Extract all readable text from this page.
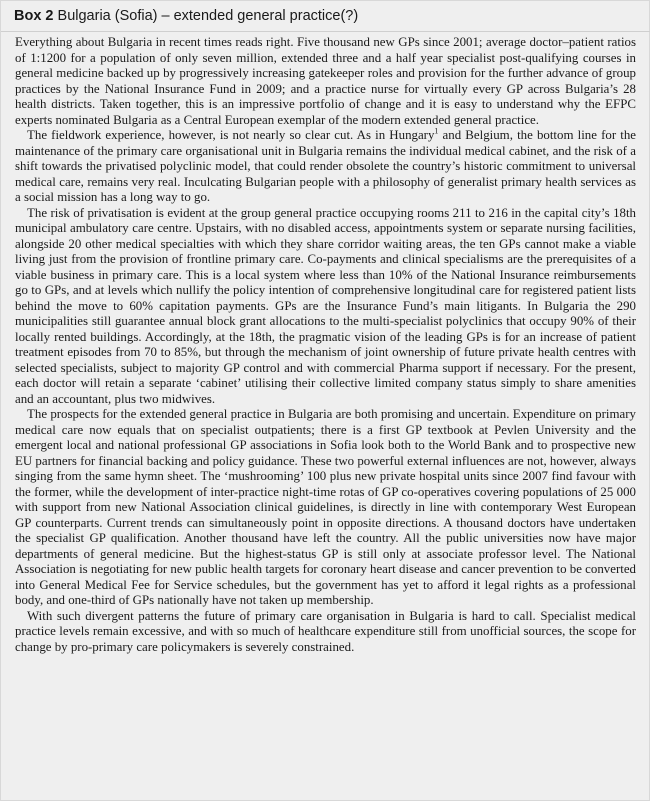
Box 2 Bulgaria (Sofia) – extended general practice(?)

Everything about Bulgaria in recent times reads right. Five thousand new GPs since 2001; average doctor–patient ratios of 1:1200 for a population of only seven million, extended three and a half year specialist post-qualifying courses in general medicine backed up by progressively increasing gatekeeper roles and provision for the further advance of group practices by the National Insurance Fund in 2009; and a practice nurse for virtually every GP across Bulgaria’s 28 health districts. Taken together, this is an impressive portfolio of change and it is easy to understand why the EFPC experts nominated Bulgaria as a Central European exemplar of the modern extended general practice.

The fieldwork experience, however, is not nearly so clear cut. As in Hungary$^1$ and Belgium, the bottom line for the maintenance of the primary care organisational unit in Bulgaria remains the individual medical cabinet, and the risk of a shift towards the privatised polyclinic model, that could render obsolete the country’s historic commitment to universal medical care, remains very real. Inculcating Bulgarian people with a philosophy of generalist primary health services as a social mission has a long way to go.

The risk of privatisation is evident at the group general practice occupying rooms 211 to 216 in the capital city’s 18th municipal ambulatory care centre. Upstairs, with no disabled access, appointments system or separate nursing facilities, alongside 20 other medical specialties with which they share corridor waiting areas, the ten GPs cannot make a viable living just from the provision of frontline primary care. Co-payments and clinical specialisms are the prerequisites of a viable business in primary care. This is a local system where less than 10% of the National Insurance reimbursements go to GPs, and at levels which nullify the policy intention of comprehensive longitudinal care for registered patient lists behind the move to 60% capitation payments. GPs are the Insurance Fund’s main litigants. In Bulgaria the 290 municipalities still guarantee annual block grant allocations to the multi-specialist polyclinics that occupy 90% of their locally rented buildings. Accordingly, at the 18th, the pragmatic vision of the leading GPs is for an increase of patient treatment episodes from 70 to 85%, but through the mechanism of joint ownership of future private health centres with selected specialists, subject to majority GP control and with commercial Pharma support if necessary. For the present, each doctor will retain a separate ‘cabinet’ utilising their collective limited company status simply to share amenities and an accountant, plus two midwives.

The prospects for the extended general practice in Bulgaria are both promising and uncertain. Expenditure on primary medical care now equals that on specialist outpatients; there is a first GP textbook at Pevlen University and the emergent local and national professional GP associations in Sofia look both to the World Bank and to prospective new EU partners for financial backing and policy guidance. These two powerful external influences are not, however, always singing from the same hymn sheet. The ‘mushrooming’ 100 plus new private hospital units since 2007 find favour with the former, while the development of inter-practice night-time rotas of GP co-operatives covering populations of 25 000 with support from new National Association clinical guidelines, is directly in line with contemporary West European GP counterparts. Current trends can simultaneously point in opposite directions. A thousand doctors have undertaken the specialist GP qualification. Another thousand have left the country. All the public universities now have major departments of general medicine. But the highest-status GP is still only at associate professor level. The National Association is negotiating for new public health targets for coronary heart disease and cancer prevention to be converted into General Medical Fee for Service schedules, but the government has yet to afford it legal rights as a professional body, and one-third of GPs nationally have not taken up membership.

With such divergent patterns the future of primary care organisation in Bulgaria is hard to call. Specialist medical practice levels remain excessive, and with so much of healthcare expenditure still from unofficial sources, the scope for change by pro-primary care policymakers is severely constrained.
